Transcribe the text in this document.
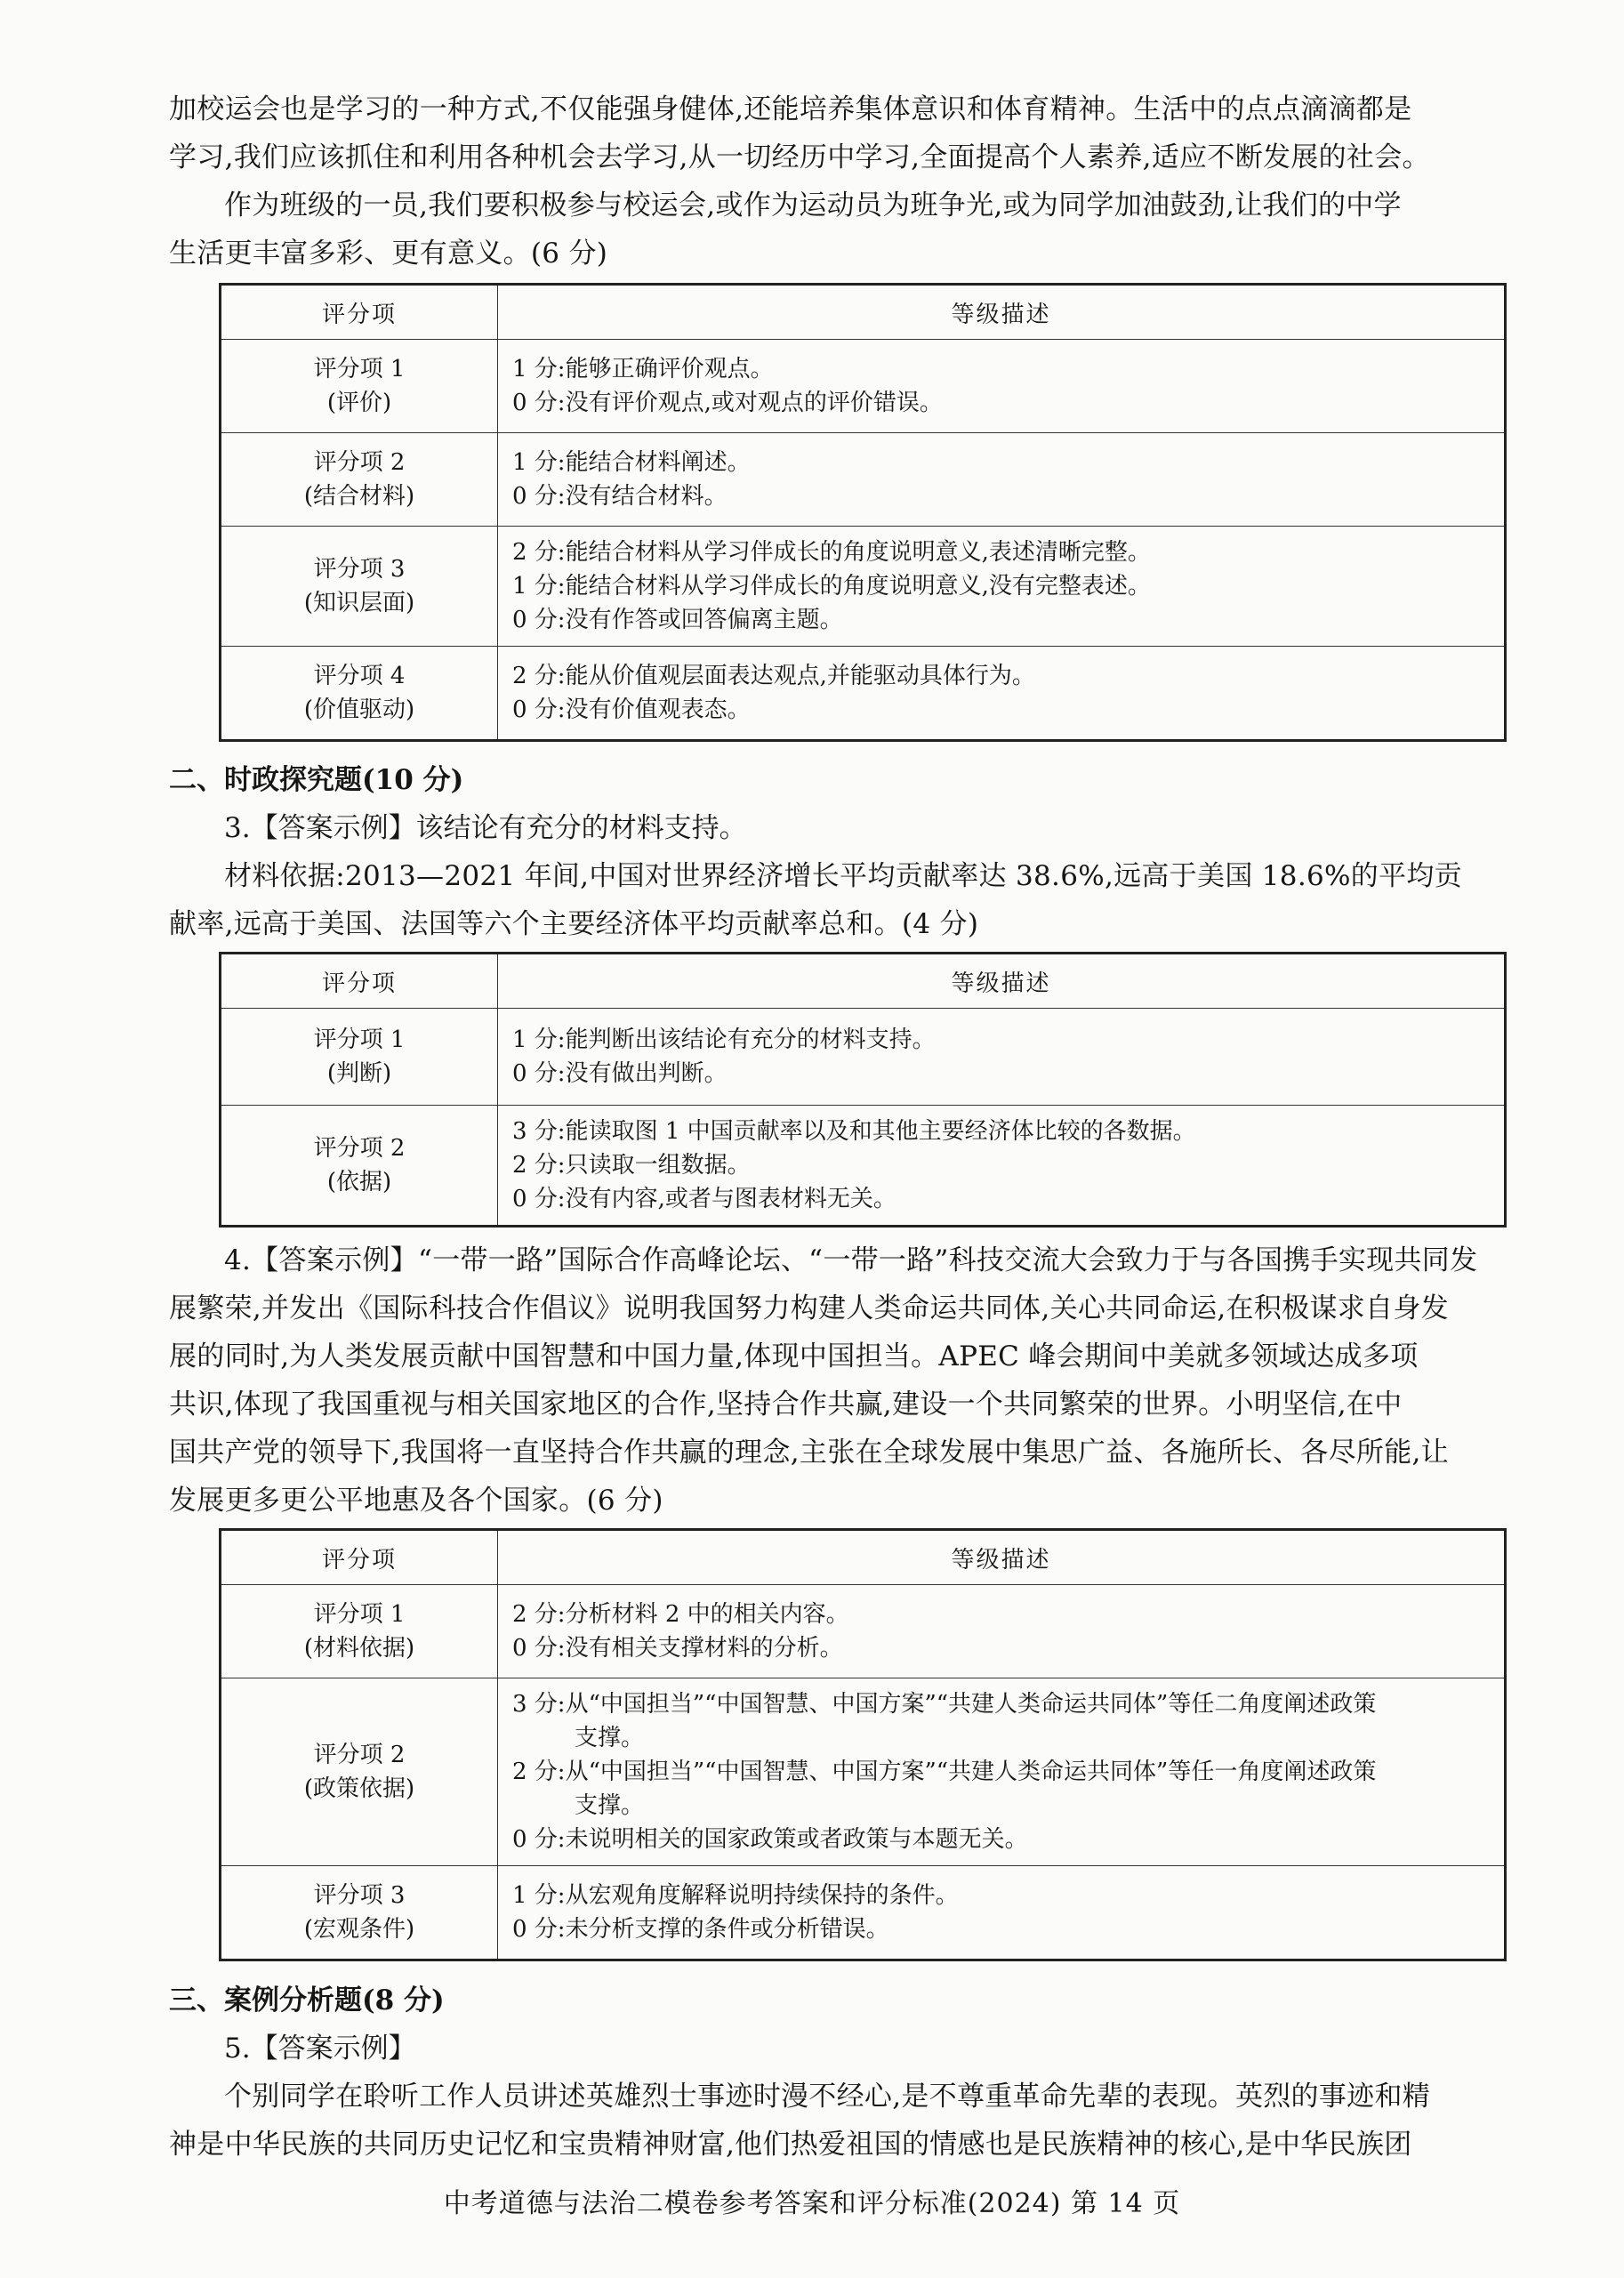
加校运会也是学习的一种方式,不仅能强身健体,还能培养集体意识和体育精神。生活中的点点滴滴都是

学习,我们应该抓住和利用各种机会去学习,从一切经历中学习,全面提高个人素养,适应不断发展的社会。

作为班级的一员,我们要积极参与校运会,或作为运动员为班争光,或为同学加油鼓劲,让我们的中学

生活更丰富多彩、更有意义。(6 分)

评分项	等级描述

评分项 1
(评价)	1 分:能够正确评价观点。
0 分:没有评价观点,或对观点的评价错误。

评分项 2
(结合材料)	1 分:能结合材料阐述。
0 分:没有结合材料。

评分项 3
(知识层面)	2 分:能结合材料从学习伴成长的角度说明意义,表述清晰完整。
1 分:能结合材料从学习伴成长的角度说明意义,没有完整表述。
0 分:没有作答或回答偏离主题。

评分项 4
(价值驱动)	2 分:能从价值观层面表达观点,并能驱动具体行为。
0 分:没有价值观表态。

二、时政探究题(10 分)

3.【答案示例】该结论有充分的材料支持。

材料依据:2013—2021 年间,中国对世界经济增长平均贡献率达 38.6%,远高于美国 18.6%的平均贡

献率,远高于美国、法国等六个主要经济体平均贡献率总和。(4 分)

评分项	等级描述

评分项 1
(判断)	1 分:能判断出该结论有充分的材料支持。
0 分:没有做出判断。

评分项 2
(依据)	3 分:能读取图 1 中国贡献率以及和其他主要经济体比较的各数据。
2 分:只读取一组数据。
0 分:没有内容,或者与图表材料无关。

4.【答案示例】“一带一路”国际合作高峰论坛、“一带一路”科技交流大会致力于与各国携手实现共同发

展繁荣,并发出《国际科技合作倡议》说明我国努力构建人类命运共同体,关心共同命运,在积极谋求自身发

展的同时,为人类发展贡献中国智慧和中国力量,体现中国担当。APEC 峰会期间中美就多领域达成多项

共识,体现了我国重视与相关国家地区的合作,坚持合作共赢,建设一个共同繁荣的世界。小明坚信,在中

国共产党的领导下,我国将一直坚持合作共赢的理念,主张在全球发展中集思广益、各施所长、各尽所能,让

发展更多更公平地惠及各个国家。(6 分)

评分项	等级描述

评分项 1
(材料依据)	2 分:分析材料 2 中的相关内容。
0 分:没有相关支撑材料的分析。

评分项 2
(政策依据)	3 分:从“中国担当”“中国智慧、中国方案”“共建人类命运共同体”等任二角度阐述政策
支撑。
2 分:从“中国担当”“中国智慧、中国方案”“共建人类命运共同体”等任一角度阐述政策
支撑。
0 分:未说明相关的国家政策或者政策与本题无关。

评分项 3
(宏观条件)	1 分:从宏观角度解释说明持续保持的条件。
0 分:未分析支撑的条件或分析错误。

三、案例分析题(8 分)

5.【答案示例】

个别同学在聆听工作人员讲述英雄烈士事迹时漫不经心,是不尊重革命先辈的表现。英烈的事迹和精

神是中华民族的共同历史记忆和宝贵精神财富,他们热爱祖国的情感也是民族精神的核心,是中华民族团

中考道德与法治二模卷参考答案和评分标准(2024) 第 14 页
